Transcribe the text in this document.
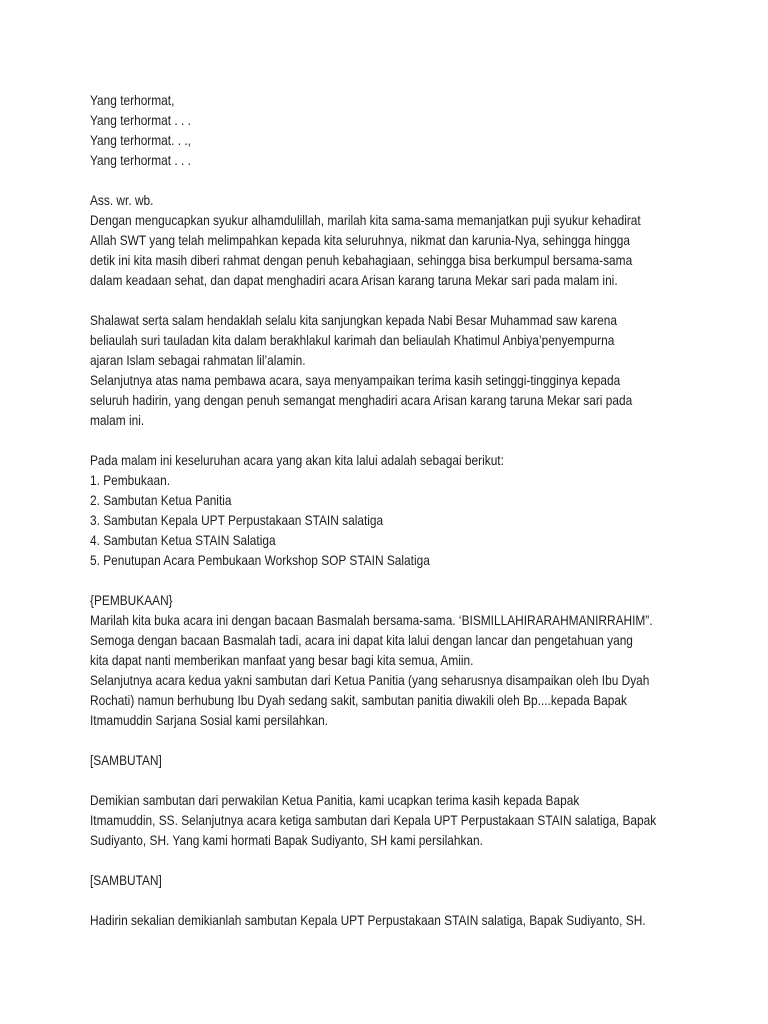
Yang terhormat,
Yang terhormat . . .
Yang terhormat. . .,
Yang terhormat . . .
Ass. wr. wb.
Dengan mengucapkan syukur alhamdulillah, marilah kita sama-sama memanjatkan puji syukur kehadirat
Allah SWT yang telah melimpahkan kepada kita seluruhnya, nikmat dan karunia-Nya, sehingga hingga
detik ini kita masih diberi rahmat dengan penuh kebahagiaan, sehingga bisa berkumpul bersama-sama
dalam keadaan sehat, dan dapat menghadiri acara Arisan karang taruna Mekar sari pada malam ini.
Shalawat serta salam hendaklah selalu kita sanjungkan kepada Nabi Besar Muhammad saw karena
beliaulah suri tauladan kita dalam berakhlakul karimah dan beliaulah Khatimul Anbiya’penyempurna
ajaran Islam sebagai rahmatan lil’alamin.
Selanjutnya atas nama pembawa acara, saya menyampaikan terima kasih setinggi-tingginya kepada
seluruh hadirin, yang dengan penuh semangat menghadiri acara Arisan karang taruna Mekar sari pada
malam ini.
Pada malam ini keseluruhan acara yang akan kita lalui adalah sebagai berikut:
1. Pembukaan.
2. Sambutan Ketua Panitia
3. Sambutan Kepala UPT Perpustakaan STAIN salatiga
4. Sambutan Ketua STAIN Salatiga
5. Penutupan Acara Pembukaan Workshop SOP STAIN Salatiga
{PEMBUKAAN}
Marilah kita buka acara ini dengan bacaan Basmalah bersama-sama. ‘BISMILLAHIRARAHMANIRRAHIM”.
Semoga dengan bacaan Basmalah tadi, acara ini dapat kita lalui dengan lancar dan pengetahuan yang
kita dapat nanti memberikan manfaat yang besar bagi kita semua, Amiin.
Selanjutnya acara kedua yakni sambutan dari Ketua Panitia (yang seharusnya disampaikan oleh Ibu Dyah
Rochati) namun berhubung Ibu Dyah sedang sakit, sambutan panitia diwakili oleh Bp....kepada Bapak
Itmamuddin Sarjana Sosial kami persilahkan.
[SAMBUTAN]
Demikian sambutan dari perwakilan Ketua Panitia, kami ucapkan terima kasih kepada Bapak
Itmamuddin, SS. Selanjutnya acara ketiga sambutan dari Kepala UPT Perpustakaan STAIN salatiga, Bapak
Sudiyanto, SH. Yang kami hormati Bapak Sudiyanto, SH kami persilahkan.
[SAMBUTAN]
Hadirin sekalian demikianlah sambutan Kepala UPT Perpustakaan STAIN salatiga, Bapak Sudiyanto, SH.
